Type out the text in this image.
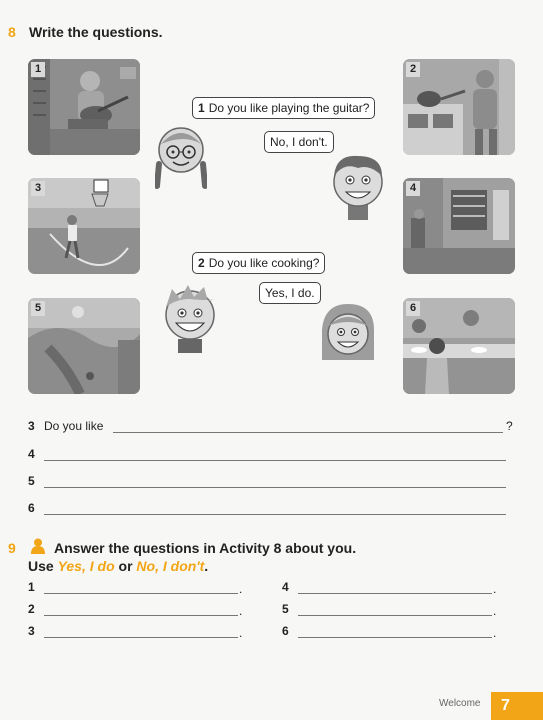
8 Write the questions.
1	2
3	4
5	6
1 Do you like playing the guitar?
No, I don't.
2 Do you like cooking?
Yes, I do.
3 Do you like	?
4
5
6
9	Answer the questions in Activity 8 about you.
Use Yes, I do or No, I don't.
1	.
2	.
3	.
4	.
5	.
6	.
Welcome	7
